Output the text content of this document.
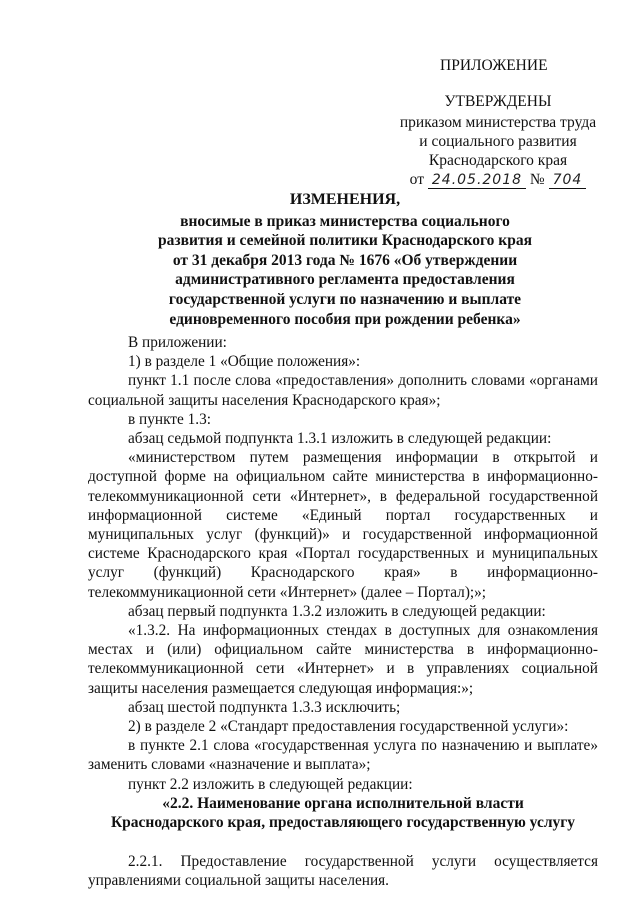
ПРИЛОЖЕНИЕ
УТВЕРЖДЕНЫ
приказом министерства труда
и социального развития
Краснодарского края
от 24.05.2018 № 704
ИЗМЕНЕНИЯ,
вносимые в приказ министерства социального
развития и семейной политики Краснодарского края
от 31 декабря 2013 года № 1676 «Об утверждении
административного регламента предоставления
государственной услуги по назначению и выплате
единовременного пособия при рождении ребенка»

В приложении:

1) в разделе 1 «Общие положения»:

пункт 1.1 после слова «предоставления» дополнить словами «органами социальной защиты населения Краснодарского края»;

в пункте 1.3:

абзац седьмой подпункта 1.3.1 изложить в следующей редакции:

«министерством путем размещения информации в открытой и доступной форме на официальном сайте министерства в информационно-телекоммуникационной сети «Интернет», в федеральной государственной информационной системе «Единый портал государственных и муниципальных услуг (функций)» и государственной информационной системе Краснодарского края «Портал государственных и муниципальных услуг (функций) Краснодарского края» в информационно-телекоммуникационной сети «Интернет» (далее – Портал);»;

абзац первый подпункта 1.3.2 изложить в следующей редакции:

«1.3.2. На информационных стендах в доступных для ознакомления местах и (или) официальном сайте министерства в информационно-телекоммуникационной сети «Интернет» и в управлениях социальной защиты населения размещается следующая информация:»;

абзац шестой подпункта 1.3.3 исключить;

2) в разделе 2 «Стандарт предоставления государственной услуги»:

в пункте 2.1 слова «государственная услуга по назначению и выплате» заменить словами «назначение и выплата»;

пункт 2.2 изложить в следующей редакции:

«2.2. Наименование органа исполнительной власти

Краснодарского края, предоставляющего государственную услугу

2.2.1. Предоставление государственной услуги осуществляется управлениями социальной защиты населения.
